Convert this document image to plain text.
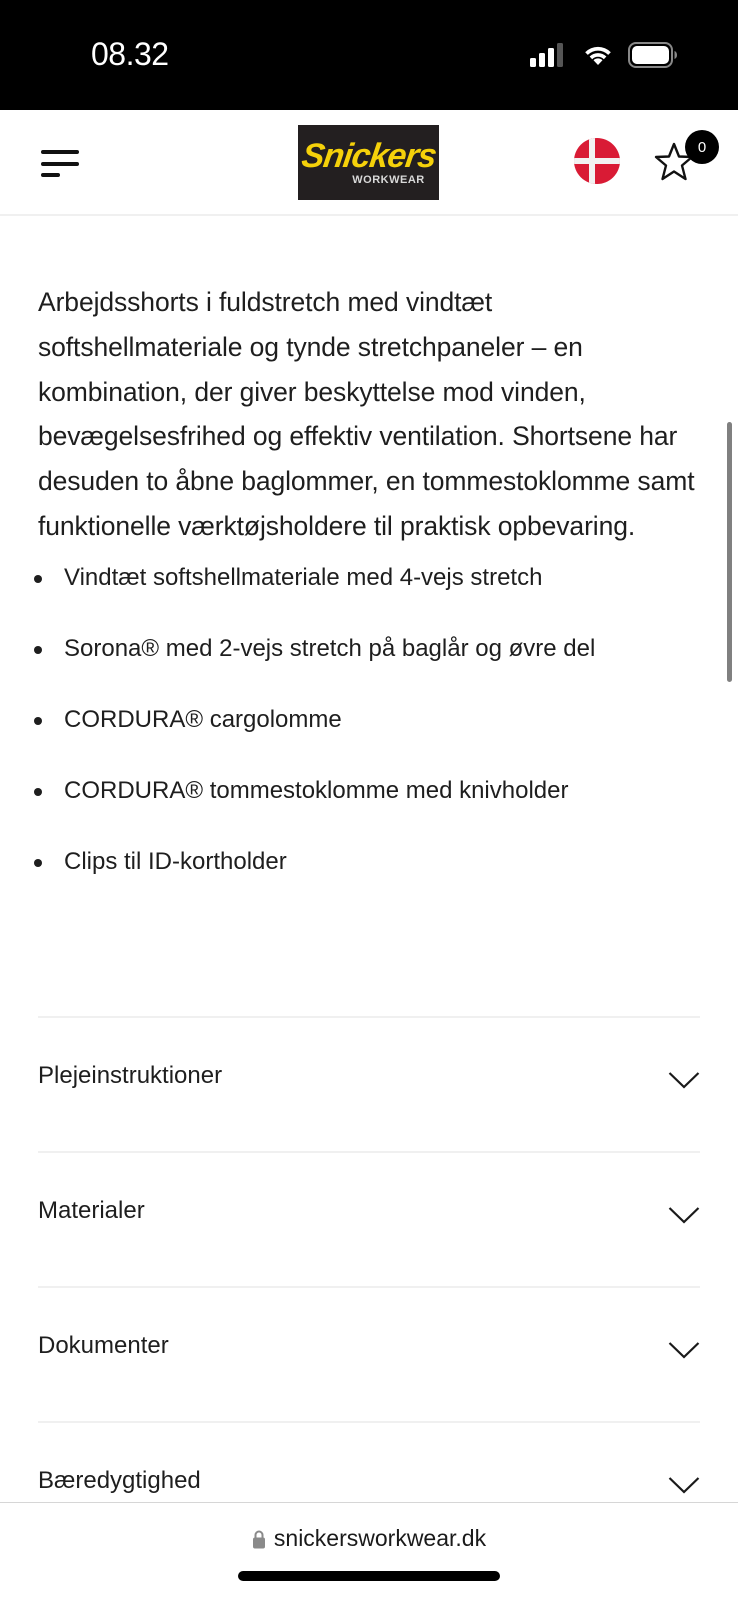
08.32
Snickers
WORKWEAR
0

Arbejdsshorts i fuldstretch med vindtæt softshellmateriale og tynde stretchpaneler – en kombination, der giver beskyttelse mod vinden, bevægelsesfrihed og effektiv ventilation. Shortsene har desuden to åbne baglommer, en tommestoklomme samt funktionelle værktøjsholdere til praktisk opbevaring.

Vindtæt softshellmateriale med 4-vejs stretch
Sorona® med 2-vejs stretch på baglår og øvre del
CORDURA® cargolomme
CORDURA® tommestoklomme med knivholder
Clips til ID-kortholder
Plejeinstruktioner
Materialer
Dokumenter
Bæredygtighed
snickersworkwear.dk
